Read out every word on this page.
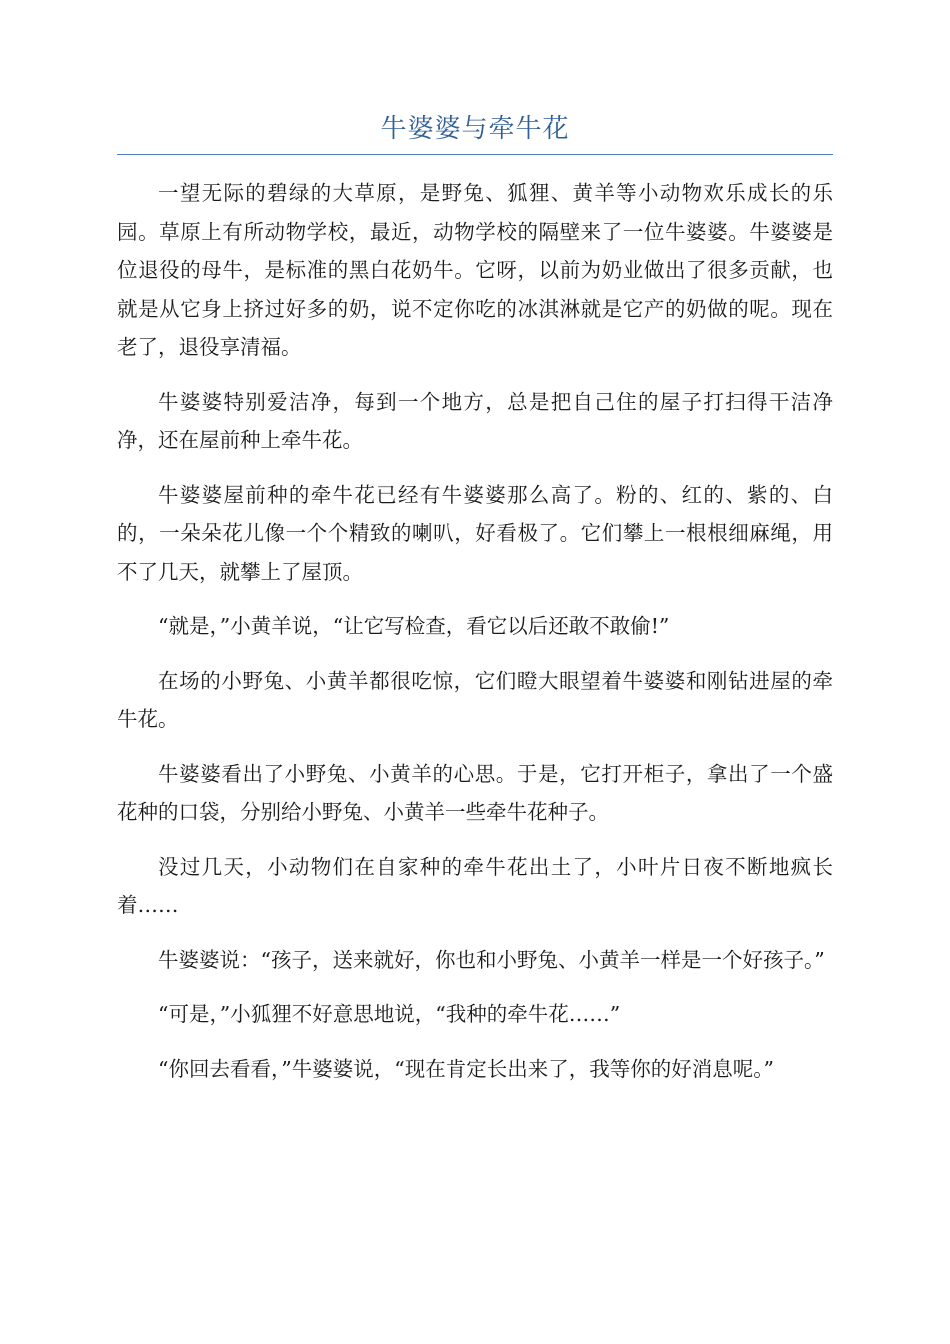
牛婆婆与牵牛花

一望无际的碧绿的大草原，是野兔、狐狸、黄羊等小动物欢乐成长的乐园。草原上有所动物学校，最近，动物学校的隔壁来了一位牛婆婆。牛婆婆是位退役的母牛，是标准的黑白花奶牛。它呀，以前为奶业做出了很多贡献，也就是从它身上挤过好多的奶，说不定你吃的冰淇淋就是它产的奶做的呢。现在老了，退役享清福。

牛婆婆特别爱洁净，每到一个地方，总是把自己住的屋子打扫得干洁净净，还在屋前种上牵牛花。

牛婆婆屋前种的牵牛花已经有牛婆婆那么高了。粉的、红的、紫的、白的，一朵朵花儿像一个个精致的喇叭，好看极了。它们攀上一根根细麻绳，用不了几天，就攀上了屋顶。

“就是，”小黄羊说，“让它写检查，看它以后还敢不敢偷!”

在场的小野兔、小黄羊都很吃惊，它们瞪大眼望着牛婆婆和刚钻进屋的牵牛花。

牛婆婆看出了小野兔、小黄羊的心思。于是，它打开柜子，拿出了一个盛花种的口袋，分别给小野兔、小黄羊一些牵牛花种子。

没过几天，小动物们在自家种的牵牛花出土了，小叶片日夜不断地疯长着……

牛婆婆说：“孩子，送来就好，你也和小野兔、小黄羊一样是一个好孩子。”

“可是，”小狐狸不好意思地说，“我种的牵牛花……”

“你回去看看，”牛婆婆说，“现在肯定长出来了，我等你的好消息呢。”
